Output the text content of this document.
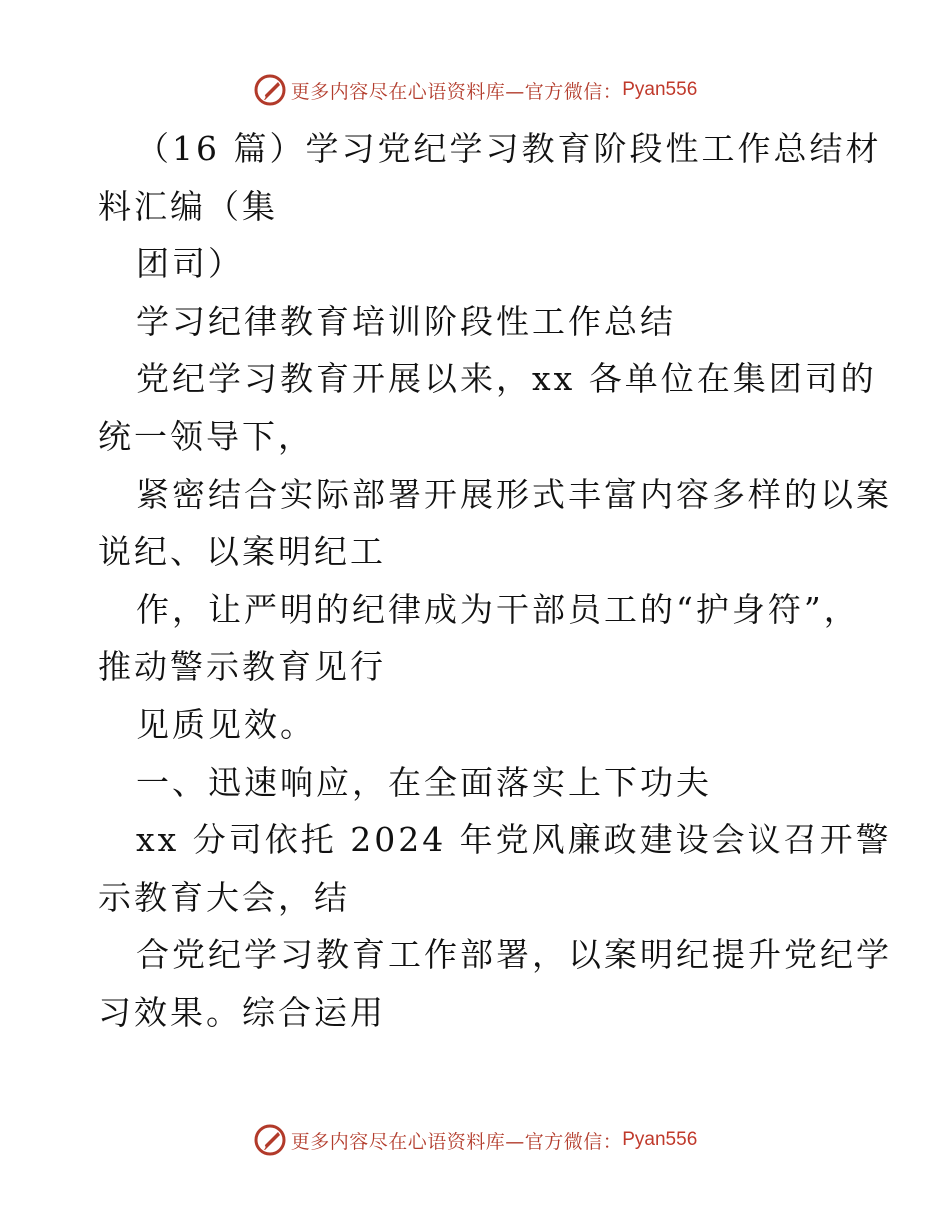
更多内容尽在心语资料库—官方微信： Pyan556
（16 篇）学习党纪学习教育阶段性工作总结材
料汇编（集
团司）
学习纪律教育培训阶段性工作总结
党纪学习教育开展以来，xx 各单位在集团司的
统一领导下，
紧密结合实际部署开展形式丰富内容多样的以案
说纪、以案明纪工
作，让严明的纪律成为干部员工的“护身符”，
推动警示教育见行
见质见效。
一、迅速响应，在全面落实上下功夫
xx 分司依托 2024 年党风廉政建设会议召开警
示教育大会，结
合党纪学习教育工作部署，以案明纪提升党纪学
习效果。综合运用
更多内容尽在心语资料库—官方微信： Pyan556
